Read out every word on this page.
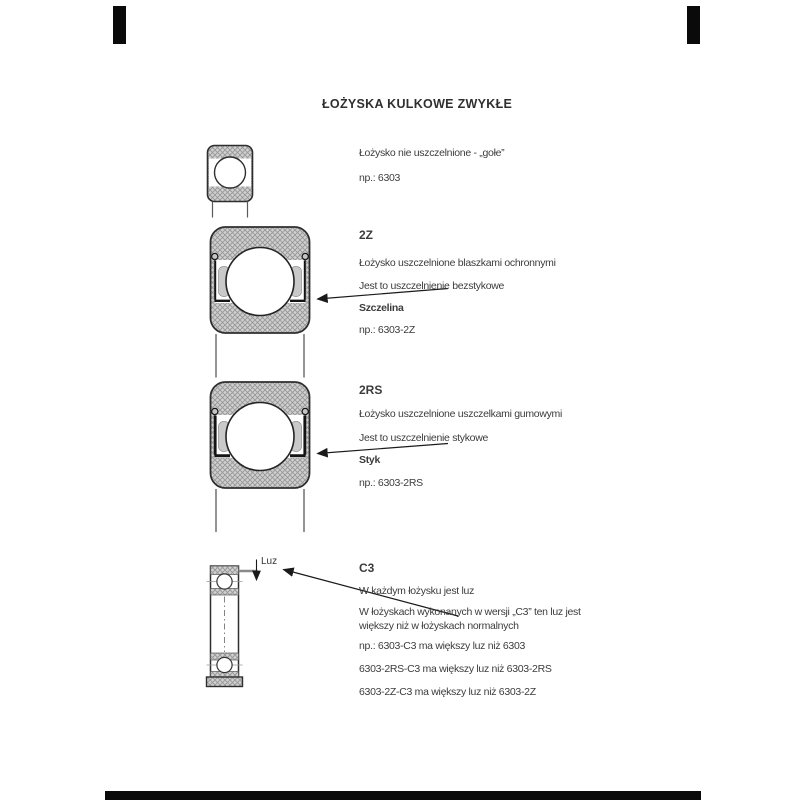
ŁOŻYSKA KULKOWE ZWYKŁE
Łożysko nie uszczelnione - „gołe”
np.: 6303
2Z
Łożysko uszczelnione blaszkami ochronnymi
Jest to uszczelnienie bezstykowe
Szczelina
np.: 6303-2Z
2RS
Łożysko uszczelnione uszczelkami gumowymi
Jest to uszczelnienie stykowe
Styk
np.: 6303-2RS
C3
W każdym łożysku jest luz
W łożyskach wykonanych w wersji „C3” ten luz jest
większy niż w łożyskach normalnych
np.: 6303-C3 ma większy luz niż 6303
6303-2RS-C3 ma większy luz niż 6303-2RS
6303-2Z-C3 ma większy luz niż 6303-2Z
Luz
